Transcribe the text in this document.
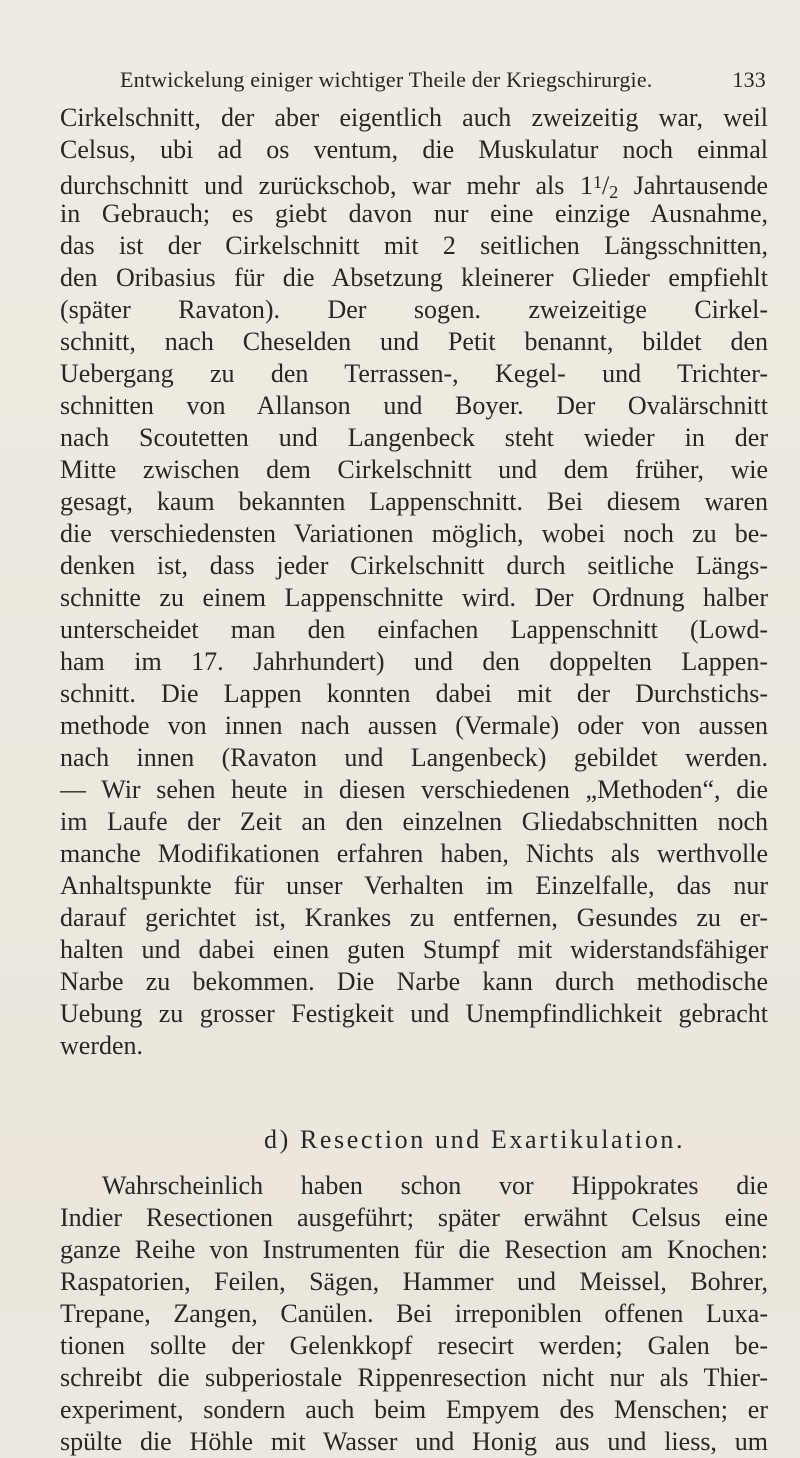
Entwickelung einiger wichtiger Theile der Kriegschirurgie.	133
Cirkelschnitt, der aber eigentlich auch zweizeitig war, weil
Celsus, ubi ad os ventum, die Muskulatur noch einmal
durchschnitt und zurückschob, war mehr als $1^1/2$ Jahrtausende
in Gebrauch; es giebt davon nur eine einzige Ausnahme,
das ist der Cirkelschnitt mit 2 seitlichen Längsschnitten,
den Oribasius für die Absetzung kleinerer Glieder empfiehlt
(später Ravaton). Der sogen. zweizeitige Cirkel-
schnitt, nach Cheselden und Petit benannt, bildet den
Uebergang zu den Terrassen-, Kegel- und Trichter-
schnitten von Allanson und Boyer. Der Ovalärschnitt
nach Scoutetten und Langenbeck steht wieder in der
Mitte zwischen dem Cirkelschnitt und dem früher, wie
gesagt, kaum bekannten Lappenschnitt. Bei diesem waren
die verschiedensten Variationen möglich, wobei noch zu be-
denken ist, dass jeder Cirkelschnitt durch seitliche Längs-
schnitte zu einem Lappenschnitte wird. Der Ordnung halber
unterscheidet man den einfachen Lappenschnitt (Lowd-
ham im 17. Jahrhundert) und den doppelten Lappen-
schnitt. Die Lappen konnten dabei mit der Durchstichs-
methode von innen nach aussen (Vermale) oder von aussen
nach innen (Ravaton und Langenbeck) gebildet werden.
— Wir sehen heute in diesen verschiedenen „Methoden“, die
im Laufe der Zeit an den einzelnen Gliedabschnitten noch
manche Modifikationen erfahren haben, Nichts als werthvolle
Anhaltspunkte für unser Verhalten im Einzelfalle, das nur
darauf gerichtet ist, Krankes zu entfernen, Gesundes zu er-
halten und dabei einen guten Stumpf mit widerstandsfähiger
Narbe zu bekommen. Die Narbe kann durch methodische
Uebung zu grosser Festigkeit und Unempfindlichkeit gebracht
werden.
d) Resection und Exartikulation.
Wahrscheinlich haben schon vor Hippokrates die
Indier Resectionen ausgeführt; später erwähnt Celsus eine
ganze Reihe von Instrumenten für die Resection am Knochen:
Raspatorien, Feilen, Sägen, Hammer und Meissel, Bohrer,
Trepane, Zangen, Canülen. Bei irreponiblen offenen Luxa-
tionen sollte der Gelenkkopf resecirt werden; Galen be-
schreibt die subperiostale Rippenresection nicht nur als Thier-
experiment, sondern auch beim Empyem des Menschen; er
spülte die Höhle mit Wasser und Honig aus und liess, um
